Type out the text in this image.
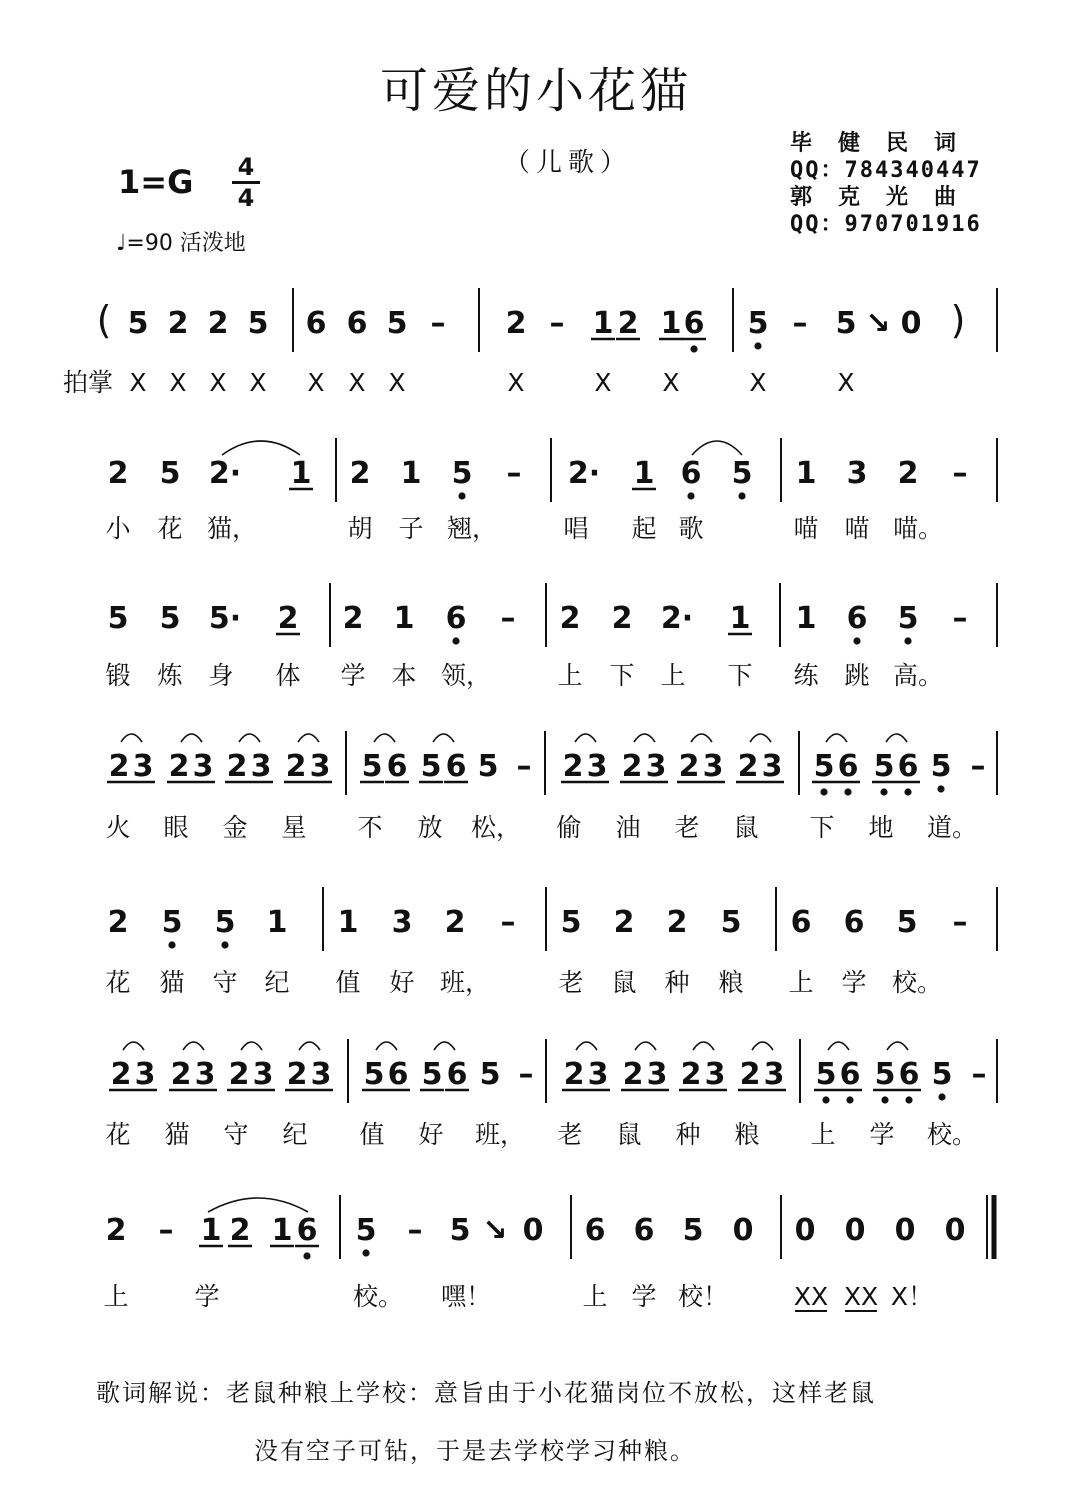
可爱的小花猫
（儿歌）
毕　健　民　词
QQ：784340447
郭　克　光　曲
QQ：970701916
1=G 4
4
♩=90 活泼地
( 5 2 2 5 6 6 5 – 2 – 1 2 1 6 5 – 5 ↘ 0 )
拍掌 X X X X X X X	X	X X	X	X
2 5 2· 1 2 1 5 – 2· 1 6 5 1 3 2 –
小 花 猫，	胡 子 翘，	唱 起 歌	喵 喵 喵。
5 5 5· 2 2 1 6 – 2 2 2· 1 1 6 5 –
锻 炼 身 体 学 本 领，	上 下 上 下 练 跳 高。
2 3 2 3 2 3 2 3 5 6 5 6 5 – 2 3 2 3 2 3 2 3 5 6 5 6 5 –
火 眼 金 星 不 放 松， 偷 油 老 鼠 下 地 道。
2 5 5 1 1 3 2 – 5 2 2 5 6 6 5 –
花 猫 守 纪 值 好 班，	老 鼠 种 粮 上 学 校。
2 3 2 3 2 3 2 3 5 6 5 6 5 – 2 3 2 3 2 3 2 3 5 6 5 6 5 –
花 猫 守 纪 值 好 班， 老 鼠 种 粮 上 学 校。
2 – 1 2 1 6 5 – 5 ↘ 0 6 6 5 0 0 0 0 0
上	学	校。 嘿！	上 学 校！	XX XX X！
歌词解说：老鼠种粮上学校：意旨由于小花猫岗位不放松，这样老鼠
没有空子可钻，于是去学校学习种粮。
